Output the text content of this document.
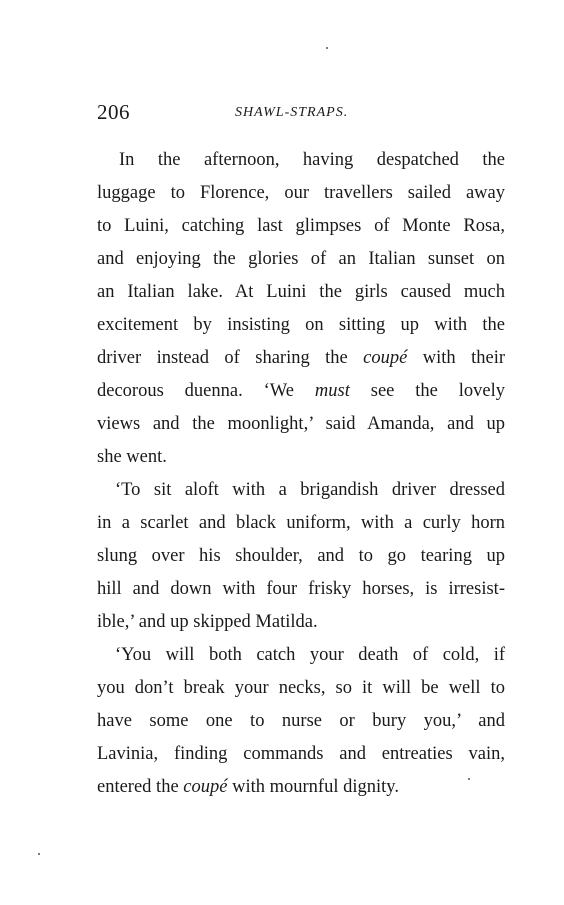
206	SHAWL-STRAPS.
In the afternoon, having despatched the
luggage to Florence, our travellers sailed away
to Luini, catching last glimpses of Monte Rosa,
and enjoying the glories of an Italian sunset on
an Italian lake. At Luini the girls caused much
excitement by insisting on sitting up with the
driver instead of sharing the coupé with their
decorous duenna. ‘We must see the lovely
views and the moonlight,’ said Amanda, and up
she went.
‘To sit aloft with a brigandish driver dressed
in a scarlet and black uniform, with a curly horn
slung over his shoulder, and to go tearing up
hill and down with four frisky horses, is irresist-
ible,’ and up skipped Matilda.
‘You will both catch your death of cold, if
you don’t break your necks, so it will be well to
have some one to nurse or bury you,’ and
Lavinia, finding commands and entreaties vain,
entered the coupé with mournful dignity.
